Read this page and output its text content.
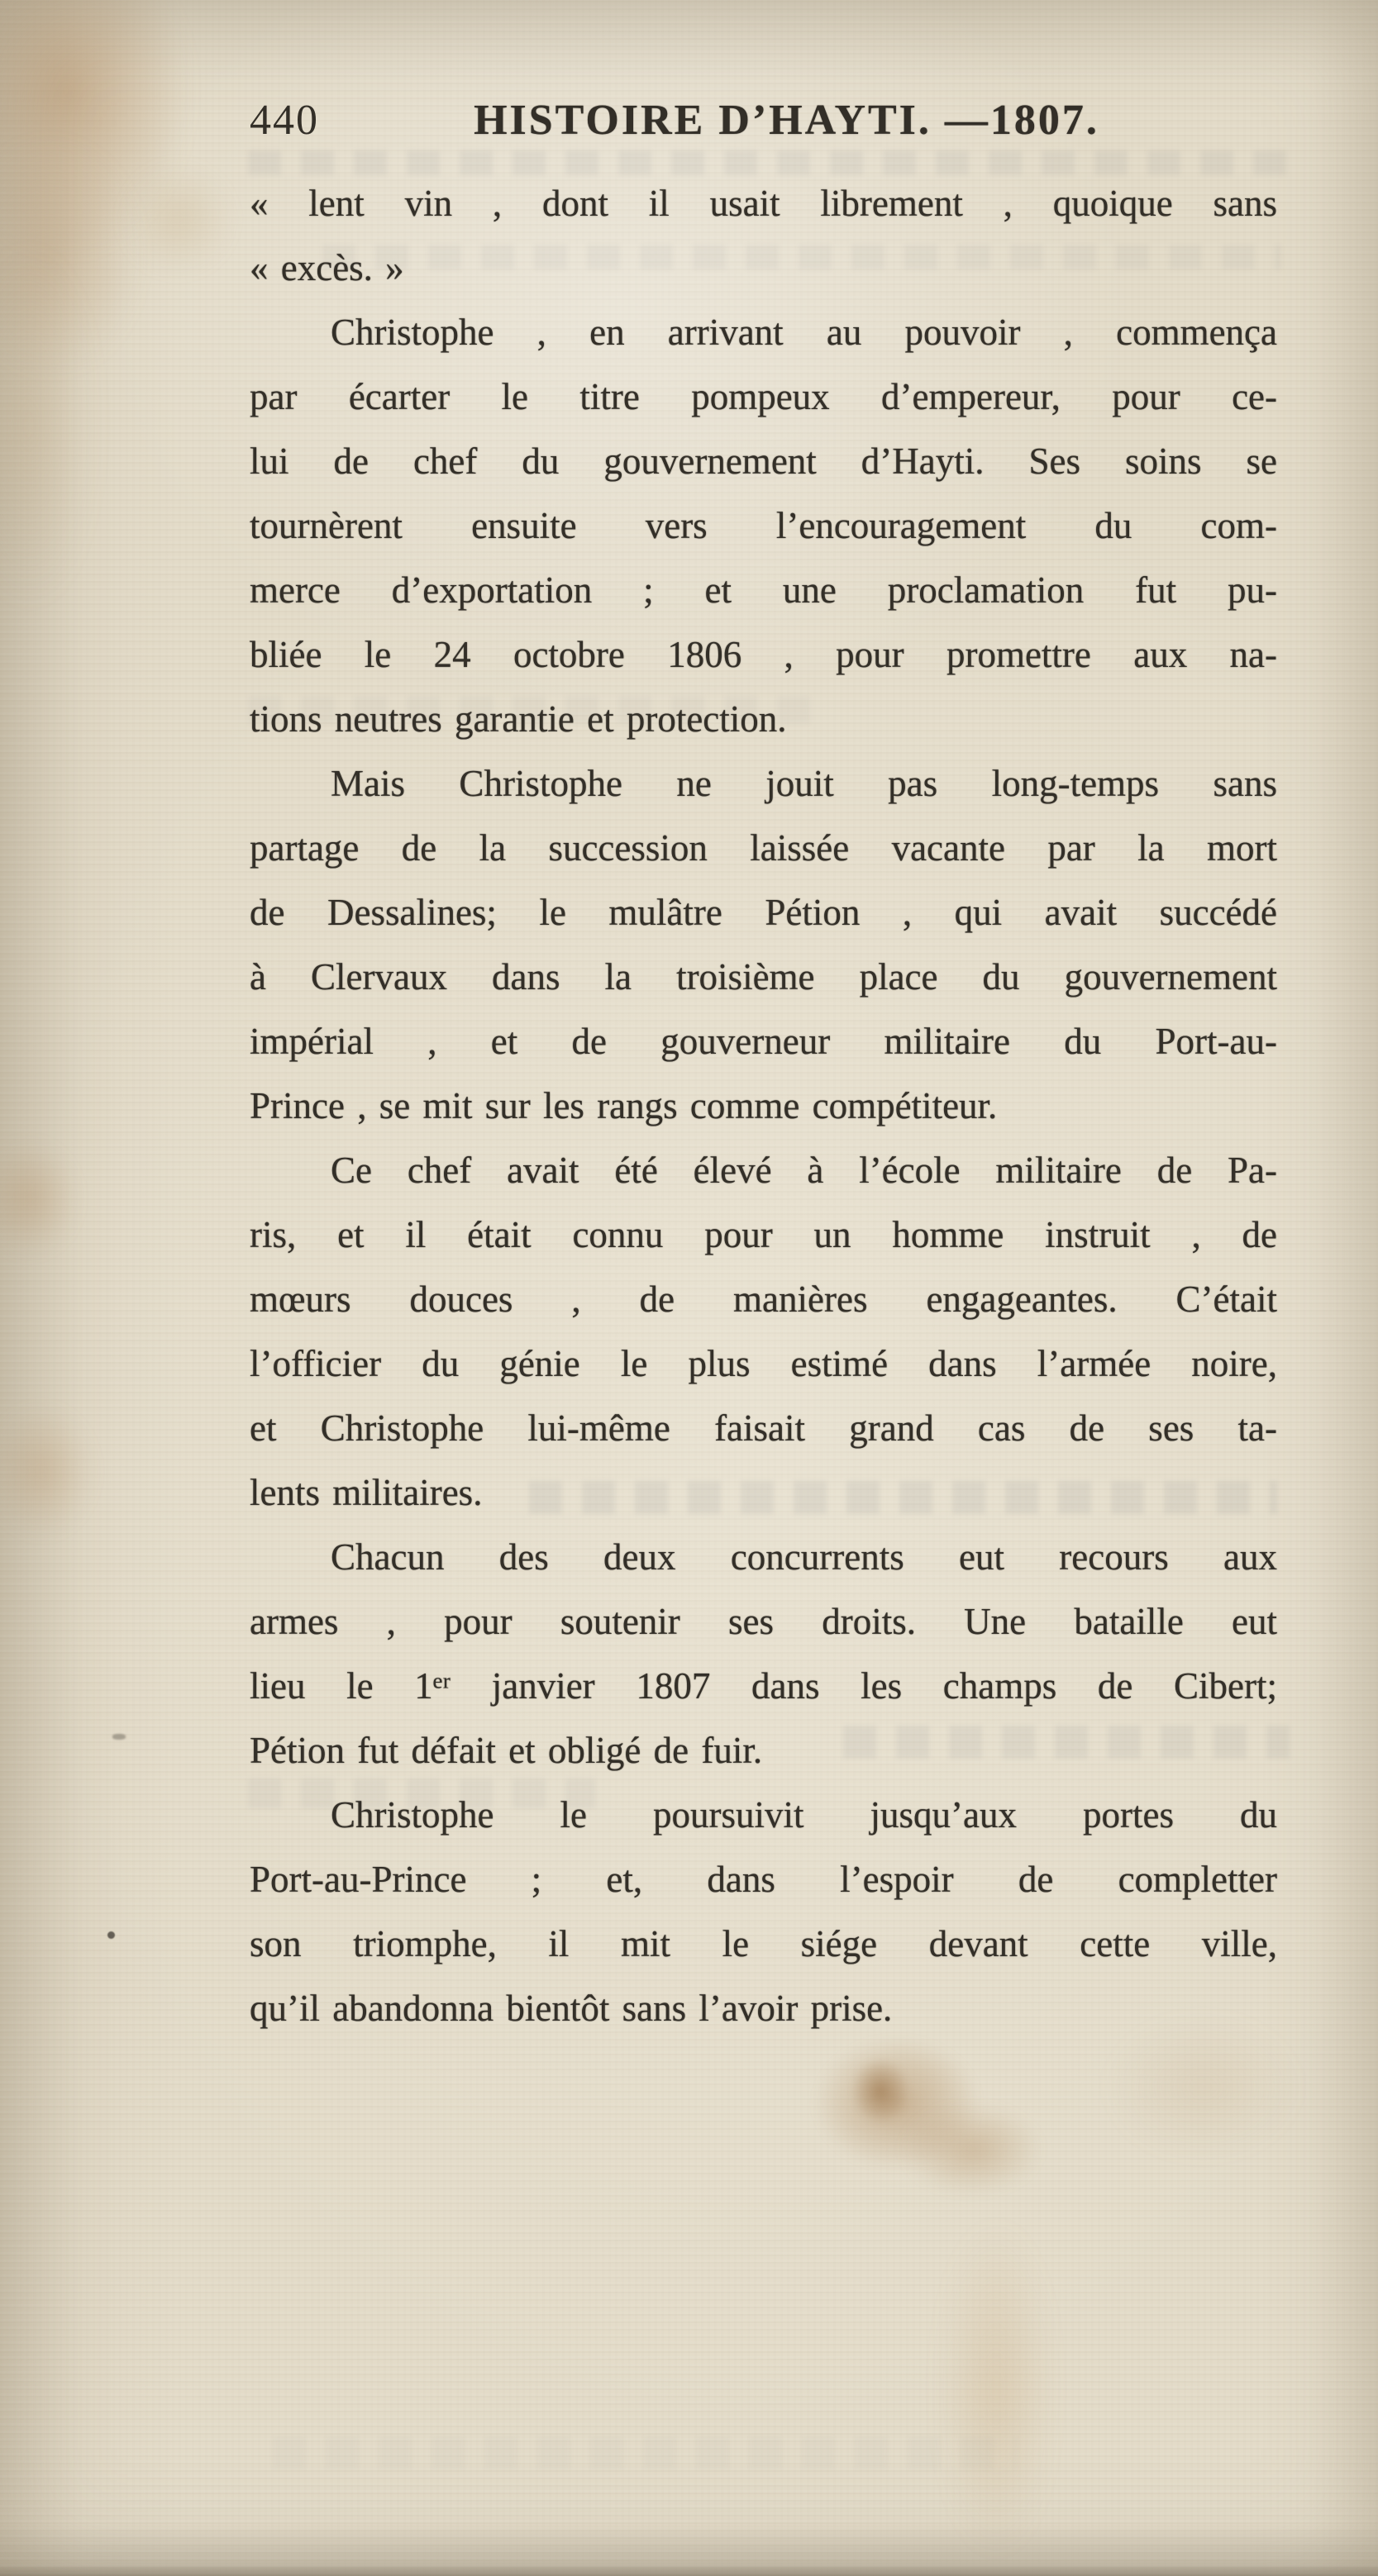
440	HISTOIRE D’HAYTI. —1807.
« lent vin , dont il usait librement , quoique sans
« excès. »
Christophe , en arrivant au pouvoir , commença
par écarter le titre pompeux d’empereur, pour ce-
lui de chef du gouvernement d’Hayti. Ses soins se
tournèrent ensuite vers l’encouragement du com-
merce d’exportation ; et une proclamation fut pu-
bliée le 24 octobre 1806 , pour promettre aux na-
tions neutres garantie et protection.
Mais Christophe ne jouit pas long-temps sans
partage de la succession laissée vacante par la mort
de Dessalines; le mulâtre Pétion , qui avait succédé
à Clervaux dans la troisième place du gouvernement
impérial , et de gouverneur militaire du Port-au-
Prince , se mit sur les rangs comme compétiteur.
Ce chef avait été élevé à l’école militaire de Pa-
ris, et il était connu pour un homme instruit , de
mœurs douces , de manières engageantes. C’était
l’officier du génie le plus estimé dans l’armée noire,
et Christophe lui-même faisait grand cas de ses ta-
lents militaires.
Chacun des deux concurrents eut recours aux
armes , pour soutenir ses droits. Une bataille eut
lieu le 1ᵉʳ janvier 1807 dans les champs de Cibert;
Pétion fut défait et obligé de fuir.
Christophe le poursuivit jusqu’aux portes du
Port-au-Prince ; et, dans l’espoir de completter
son triomphe, il mit le siége devant cette ville,
qu’il abandonna bientôt sans l’avoir prise.
